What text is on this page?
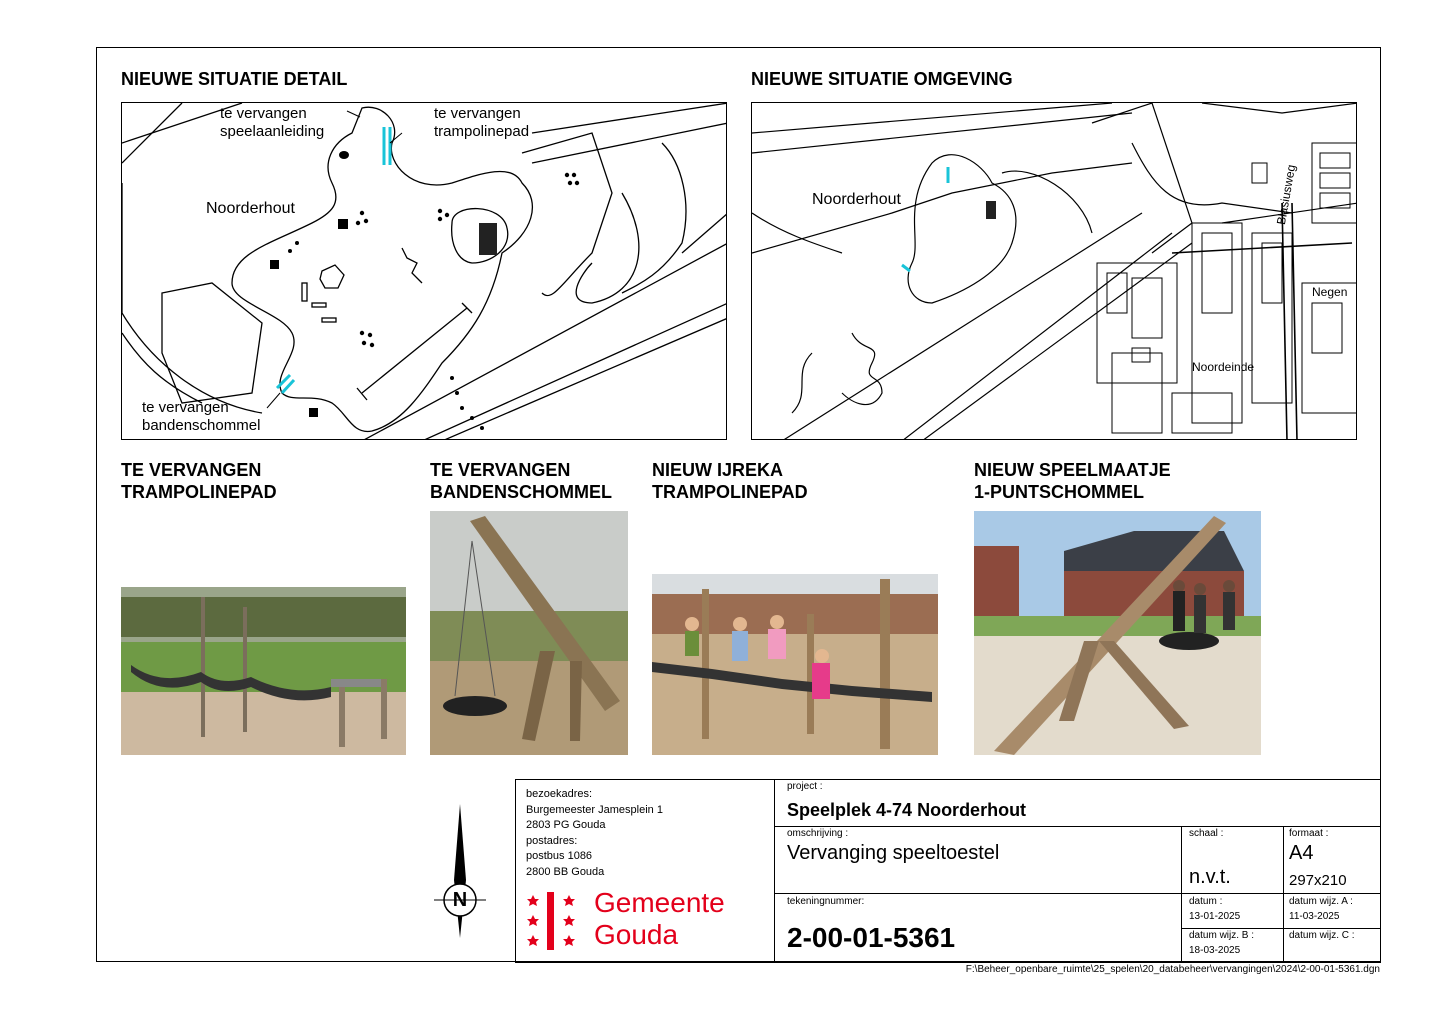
NIEUWE SITUATIE DETAIL	NIEUWE SITUATIE OMGEVING
te vervangen
speelaanleiding
te vervangen
trampolinepad
Noorderhout
te vervangen
bandenschommel
Noorderhout	Blasiusweg
Noordeinde
Negen
TE VERVANGEN
TRAMPOLINEPAD
TE VERVANGEN
BANDENSCHOMMEL
NIEUW IJREKA
TRAMPOLINEPAD
NIEUW SPEELMAATJE
1-PUNTSCHOMMEL
bezoekadres:
Burgemeester Jamesplein 1
2803 PG Gouda
postadres:
postbus 1086
2800 BB Gouda
Gemeente
Gouda
N
project :
Speelplek 4-74 Noorderhout
omschrijving :
Vervanging speeltoestel
schaal :
n.v.t.
formaat :
A4
297x210
tekeningnummer:
2-00-01-5361
datum :
13-01-2025
datum wijz. A :
11-03-2025
datum wijz. B :
18-03-2025
datum wijz. C :
F:\Beheer_openbare_ruimte\25_spelen\20_databeheer\vervangingen\2024\2-00-01-5361.dgn
